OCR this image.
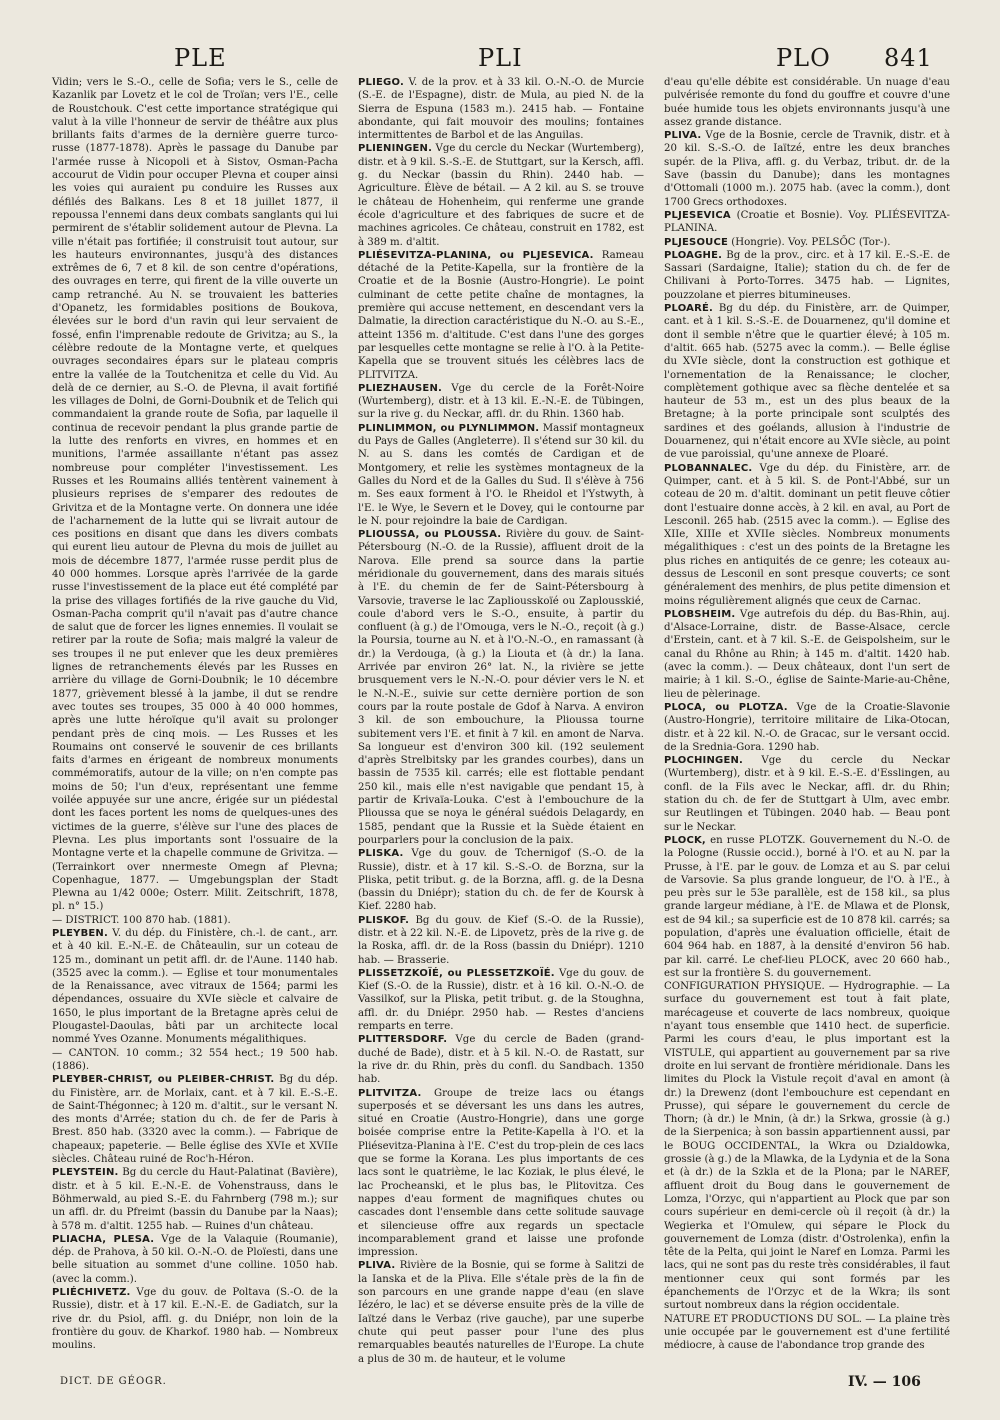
PLE	PLI	PLO 841

Vidin; vers le S.-O., celle de Sofia; vers le S., celle de Kazanlik par Lovetz et le col de Troïan; vers l'E., celle de Roustchouk. C'est cette importance stratégique qui valut à la ville l'honneur de servir de théâtre aux plus brillants faits d'armes de la dernière guerre turco-russe (1877-1878). Après le passage du Danube par l'armée russe à Nicopoli et à Sistov, Osman-Pacha accourut de Vidin pour occuper Plevna et couper ainsi les voies qui auraient pu conduire les Russes aux défilés des Balkans. Les 8 et 18 juillet 1877, il repoussa l'ennemi dans deux combats sanglants qui lui permirent de s'établir solidement autour de Plevna. La ville n'était pas fortifiée; il construisit tout autour, sur les hauteurs environnantes, jusqu'à des distances extrêmes de 6, 7 et 8 kil. de son centre d'opérations, des ouvrages en terre, qui firent de la ville ouverte un camp retranché. Au N. se trouvaient les batteries d'Opanetz, les formidables positions de Boukova, élevées sur le bord d'un ravin qui leur servaient de fossé, enfin l'imprenable redoute de Grivitza; au S., la célèbre redoute de la Montagne verte, et quelques ouvrages secondaires épars sur le plateau compris entre la vallée de la Toutchenitza et celle du Vid. Au delà de ce dernier, au S.-O. de Plevna, il avait fortifié les villages de Dolni, de Gorni-Doubnik et de Telich qui commandaient la grande route de Sofia, par laquelle il continua de recevoir pendant la plus grande partie de la lutte des renforts en vivres, en hommes et en munitions, l'armée assaillante n'étant pas assez nombreuse pour compléter l'investissement. Les Russes et les Roumains alliés tentèrent vainement à plusieurs reprises de s'emparer des redoutes de Grivitza et de la Montagne verte. On donnera une idée de l'acharnement de la lutte qui se livrait autour de ces positions en disant que dans les divers combats qui eurent lieu autour de Plevna du mois de juillet au mois de décembre 1877, l'armée russe perdit plus de 40 000 hommes. Lorsque après l'arrivée de la garde russe l'investissement de la place eut été complété par la prise des villages fortifiés de la rive gauche du Vid, Osman-Pacha comprit qu'il n'avait pas d'autre chance de salut que de forcer les lignes ennemies. Il voulait se retirer par la route de Sofia; mais malgré la valeur de ses troupes il ne put enlever que les deux premières lignes de retranchements élevés par les Russes en arrière du village de Gorni-Doubnik; le 10 décembre 1877, grièvement blessé à la jambe, il dut se rendre avec toutes ses troupes, 35 000 à 40 000 hommes, après une lutte héroïque qu'il avait su prolonger pendant près de cinq mois. — Les Russes et les Roumains ont conservé le souvenir de ces brillants faits d'armes en érigeant de nombreux monuments commémoratifs, autour de la ville; on n'en compte pas moins de 50; l'un d'eux, représentant une femme voilée appuyée sur une ancre, érigée sur un piédestal dont les faces portent les noms de quelques-unes des victimes de la guerre, s'élève sur l'une des places de Plevna. Les plus importants sont l'ossuaire de la Montagne verte et la chapelle commune de Grivitza. — (Terrainkort over nnermeste Omegn af Plevna; Copenhague, 1877. — Umgebungsplan der Stadt Plewna au 1/42 000e; Osterr. Milit. Zeitschrift, 1878, pl. n° 15.)

— DISTRICT. 100 870 hab. (1881).

PLEYBEN. V. du dép. du Finistère, ch.-l. de cant., arr. et à 40 kil. E.-N.-E. de Châteaulin, sur un coteau de 125 m., dominant un petit affl. dr. de l'Aune. 1140 hab. (3525 avec la comm.). — Eglise et tour monumentales de la Renaissance, avec vitraux de 1564; parmi les dépendances, ossuaire du XVIe siècle et calvaire de 1650, le plus important de la Bretagne après celui de Plougastel-Daoulas, bâti par un architecte local nommé Yves Ozanne. Monuments mégalithiques.

— CANTON. 10 comm.; 32 554 hect.; 19 500 hab. (1886).

PLEYBER-CHRIST, ou PLEIBER-CHRIST. Bg du dép. du Finistère, arr. de Morlaix, cant. et à 7 kil. E.-S.-E. de Saint-Thégonnec; à 120 m. d'altit., sur le versant N. des monts d'Arrée; station du ch. de fer de Paris à Brest. 850 hab. (3320 avec la comm.). — Fabrique de chapeaux; papeterie. — Belle église des XVIe et XVIIe siècles. Château ruiné de Roc'h-Héron.

PLEYSTEIN. Bg du cercle du Haut-Palatinat (Bavière), distr. et à 5 kil. E.-N.-E. de Vohenstrauss, dans le Böhmerwald, au pied S.-E. du Fahrnberg (798 m.); sur un affl. dr. du Pfreimt (bassin du Danube par la Naas); à 578 m. d'altit. 1255 hab. — Ruines d'un château.

PLIACHA, PLESA. Vge de la Valaquie (Roumanie), dép. de Prahova, à 50 kil. O.-N.-O. de Ploïesti, dans une belle situation au sommet d'une colline. 1050 hab. (avec la comm.).

PLIÉCHIVETZ. Vge du gouv. de Poltava (S.-O. de la Russie), distr. et à 17 kil. E.-N.-E. de Gadiatch, sur la rive dr. du Psiol, affl. g. du Dniépr, non loin de la frontière du gouv. de Kharkof. 1980 hab. — Nombreux moulins.

PLIEGO. V. de la prov. et à 33 kil. O.-N.-O. de Murcie (S.-E. de l'Espagne), distr. de Mula, au pied N. de la Sierra de Espuna (1583 m.). 2415 hab. — Fontaine abondante, qui fait mouvoir des moulins; fontaines intermittentes de Barbol et de las Anguilas.

PLIENINGEN. Vge du cercle du Neckar (Wurtemberg), distr. et à 9 kil. S.-S.-E. de Stuttgart, sur la Kersch, affl. g. du Neckar (bassin du Rhin). 2440 hab. — Agriculture. Élève de bétail. — A 2 kil. au S. se trouve le château de Hohenheim, qui renferme une grande école d'agriculture et des fabriques de sucre et de machines agricoles. Ce château, construit en 1782, est à 389 m. d'altit.

PLIÉSEVITZA-PLANINA, ou PLJESEVICA. Rameau détaché de la Petite-Kapella, sur la frontière de la Croatie et de la Bosnie (Austro-Hongrie). Le point culminant de cette petite chaîne de montagnes, la première qui accuse nettement, en descendant vers la Dalmatie, la direction caractéristique du N.-O. au S.-E., atteint 1356 m. d'altitude. C'est dans l'une des gorges par lesquelles cette montagne se relie à l'O. à la Petite-Kapella que se trouvent situés les célèbres lacs de PLITVITZA.

PLIEZHAUSEN. Vge du cercle de la Forêt-Noire (Wurtemberg), distr. et à 13 kil. E.-N.-E. de Tübingen, sur la rive g. du Neckar, affl. dr. du Rhin. 1360 hab.

PLINLIMMON, ou PLYNLIMMON. Massif montagneux du Pays de Galles (Angleterre). Il s'étend sur 30 kil. du N. au S. dans les comtés de Cardigan et de Montgomery, et relie les systèmes montagneux de la Galles du Nord et de la Galles du Sud. Il s'élève à 756 m. Ses eaux forment à l'O. le Rheidol et l'Ystwyth, à l'E. le Wye, le Severn et le Dovey, qui le contourne par le N. pour rejoindre la baie de Cardigan.

PLIOUSSA, ou PLOUSSA. Rivière du gouv. de Saint-Pétersbourg (N.-O. de la Russie), affluent droit de la Narova. Elle prend sa source dans la partie méridionale du gouvernement, dans des marais situés à l'E. du chemin de fer de Saint-Pétersbourg à Varsovie, traverse le lac Zapliousskoïé ou Zaplousskié, coule d'abord vers le S.-O., ensuite, à partir du confluent (à g.) de l'Omouga, vers le N.-O., reçoit (à g.) la Poursia, tourne au N. et à l'O.-N.-O., en ramassant (à dr.) la Verdouga, (à g.) la Liouta et (à dr.) la Iana. Arrivée par environ 26° lat. N., la rivière se jette brusquement vers le N.-N.-O. pour dévier vers le N. et le N.-N.-E., suivie sur cette dernière portion de son cours par la route postale de Gdof à Narva. A environ 3 kil. de son embouchure, la Plioussa tourne subitement vers l'E. et finit à 7 kil. en amont de Narva. Sa longueur est d'environ 300 kil. (192 seulement d'après Strelbitsky par les grandes courbes), dans un bassin de 7535 kil. carrés; elle est flottable pendant 250 kil., mais elle n'est navigable que pendant 15, à partir de Krivaïa-Louka. C'est à l'embouchure de la Plioussa que se noya le général suédois Delagardy, en 1585, pendant que la Russie et la Suède étaient en pourparlers pour la conclusion de la paix.

PLISKA. Vge du gouv. de Tchernigof (S.-O. de la Russie), distr. et à 17 kil. S.-S.-O. de Borzna, sur la Pliska, petit tribut. g. de la Borzna, affl. g. de la Desna (bassin du Dniépr); station du ch. de fer de Koursk à Kief. 2280 hab.

PLISKOF. Bg du gouv. de Kief (S.-O. de la Russie), distr. et à 22 kil. N.-E. de Lipovetz, près de la rive g. de la Roska, affl. dr. de la Ross (bassin du Dniépr). 1210 hab. — Brasserie.

PLISSETZKOÏÉ, ou PLESSETZKOÏÉ. Vge du gouv. de Kief (S.-O. de la Russie), distr. et à 16 kil. O.-N.-O. de Vassilkof, sur la Pliska, petit tribut. g. de la Stoughna, affl. dr. du Dniépr. 2950 hab. — Restes d'anciens remparts en terre.

PLITTERSDORF. Vge du cercle de Baden (grand-duché de Bade), distr. et à 5 kil. N.-O. de Rastatt, sur la rive dr. du Rhin, près du confl. du Sandbach. 1350 hab.

PLITVITZA. Groupe de treize lacs ou étangs superposés et se déversant les uns dans les autres, situé en Croatie (Austro-Hongrie), dans une gorge boisée comprise entre la Petite-Kapella à l'O. et la Pliésevitza-Planina à l'E. C'est du trop-plein de ces lacs que se forme la Korana. Les plus importants de ces lacs sont le quatrième, le lac Koziak, le plus élevé, le lac Procheanski, et le plus bas, le Plitovitza. Ces nappes d'eau forment de magnifiques chutes ou cascades dont l'ensemble dans cette solitude sauvage et silencieuse offre aux regards un spectacle incomparablement grand et laisse une profonde impression.

PLIVA. Rivière de la Bosnie, qui se forme à Salitzi de la Ianska et de la Pliva. Elle s'étale près de la fin de son parcours en une grande nappe d'eau (en slave Iézéro, le lac) et se déverse ensuite près de la ville de Iaïtzé dans le Verbaz (rive gauche), par une superbe chute qui peut passer pour l'une des plus remarquables beautés naturelles de l'Europe. La chute a plus de 30 m. de hauteur, et le volume

d'eau qu'elle débite est considérable. Un nuage d'eau pulvérisée remonte du fond du gouffre et couvre d'une buée humide tous les objets environnants jusqu'à une assez grande distance.

PLIVA. Vge de la Bosnie, cercle de Travnik, distr. et à 20 kil. S.-S.-O. de Iaïtzé, entre les deux branches supér. de la Pliva, affl. g. du Verbaz, tribut. dr. de la Save (bassin du Danube); dans les montagnes d'Ottomali (1000 m.). 2075 hab. (avec la comm.), dont 1700 Grecs orthodoxes.

PLJESEVICA (Croatie et Bosnie). Voy. PLIÉSEVITZA-PLANINA.

PLJESOUCE (Hongrie). Voy. PELSŐC (Tor-).

PLOAGHE. Bg de la prov., circ. et à 17 kil. E.-S.-E. de Sassari (Sardaigne, Italie); station du ch. de fer de Chilivani à Porto-Torres. 3475 hab. — Lignites, pouzzolane et pierres bitumineuses.

PLOARÉ. Bg du dép. du Finistère, arr. de Quimper, cant. et à 1 kil. S.-S.-E. de Douarnenez, qu'il domine et dont il semble n'être que le quartier élevé; à 105 m. d'altit. 665 hab. (5275 avec la comm.). — Belle église du XVIe siècle, dont la construction est gothique et l'ornementation de la Renaissance; le clocher, complètement gothique avec sa flèche dentelée et sa hauteur de 53 m., est un des plus beaux de la Bretagne; à la porte principale sont sculptés des sardines et des goélands, allusion à l'industrie de Douarnenez, qui n'était encore au XVIe siècle, au point de vue paroissial, qu'une annexe de Ploaré.

PLOBANNALEC. Vge du dép. du Finistère, arr. de Quimper, cant. et à 5 kil. S. de Pont-l'Abbé, sur un coteau de 20 m. d'altit. dominant un petit fleuve côtier dont l'estuaire donne accès, à 2 kil. en aval, au Port de Lesconil. 265 hab. (2515 avec la comm.). — Eglise des XIIe, XIIIe et XVIIe siècles. Nombreux monuments mégalithiques : c'est un des points de la Bretagne les plus riches en antiquités de ce genre; les coteaux au-dessus de Lesconil en sont presque couverts; ce sont généralement des menhirs, de plus petite dimension et moins régulièrement alignés que ceux de Carnac.

PLOBSHEIM. Vge autrefois du dép. du Bas-Rhin, auj. d'Alsace-Lorraine, distr. de Basse-Alsace, cercle d'Erstein, cant. et à 7 kil. S.-E. de Geispolsheim, sur le canal du Rhône au Rhin; à 145 m. d'altit. 1420 hab. (avec la comm.). — Deux châteaux, dont l'un sert de mairie; à 1 kil. S.-O., église de Sainte-Marie-au-Chêne, lieu de pèlerinage.

PLOCA, ou PLOTZA. Vge de la Croatie-Slavonie (Austro-Hongrie), territoire militaire de Lika-Otocan, distr. et à 22 kil. N.-O. de Gracac, sur le versant occid. de la Srednia-Gora. 1290 hab.

PLOCHINGEN. Vge du cercle du Neckar (Wurtemberg), distr. et à 9 kil. E.-S.-E. d'Esslingen, au confl. de la Fils avec le Neckar, affl. dr. du Rhin; station du ch. de fer de Stuttgart à Ulm, avec embr. sur Reutlingen et Tübingen. 2040 hab. — Beau pont sur le Neckar.

PLOCK, en russe PLOTZK. Gouvernement du N.-O. de la Pologne (Russie occid.), borné à l'O. et au N. par la Prusse, à l'E. par le gouv. de Lomza et au S. par celui de Varsovie. Sa plus grande longueur, de l'O. à l'E., à peu près sur le 53e parallèle, est de 158 kil., sa plus grande largeur médiane, à l'E. de Mlawa et de Plonsk, est de 94 kil.; sa superficie est de 10 878 kil. carrés; sa population, d'après une évaluation officielle, était de 604 964 hab. en 1887, à la densité d'environ 56 hab. par kil. carré. Le chef-lieu PLOCK, avec 20 660 hab., est sur la frontière S. du gouvernement.

CONFIGURATION PHYSIQUE. — Hydrographie. — La surface du gouvernement est tout à fait plate, marécageuse et couverte de lacs nombreux, quoique n'ayant tous ensemble que 1410 hect. de superficie. Parmi les cours d'eau, le plus important est la VISTULE, qui appartient au gouvernement par sa rive droite en lui servant de frontière méridionale. Dans les limites du Plock la Vistule reçoit d'aval en amont (à dr.) la Drewenz (dont l'embouchure est cependant en Prusse), qui sépare le gouvernement du cercle de Thorn; (à dr.) le Mnin, (à dr.) la Srkwa, grossie (à g.) de la Sierpenica; à son bassin appartiennent aussi, par le BOUG OCCIDENTAL, la Wkra ou Dzialdowka, grossie (à g.) de la Mlawka, de la Lydynia et de la Sona et (à dr.) de la Szkla et de la Plona; par le NAREF, affluent droit du Boug dans le gouvernement de Lomza, l'Orzyc, qui n'appartient au Plock que par son cours supérieur en demi-cercle où il reçoit (à dr.) la Wegierka et l'Omulew, qui sépare le Plock du gouvernement de Lomza (distr. d'Ostrolenka), enfin la tête de la Pelta, qui joint le Naref en Lomza. Parmi les lacs, qui ne sont pas du reste très considérables, il faut mentionner ceux qui sont formés par les épanchements de l'Orzyc et de la Wkra; ils sont surtout nombreux dans la région occidentale.

NATURE ET PRODUCTIONS DU SOL. — La plaine très unie occupée par le gouvernement est d'une fertilité médiocre, à cause de l'abondance trop grande des

DICT. DE GÉOGR.	IV. — 106
